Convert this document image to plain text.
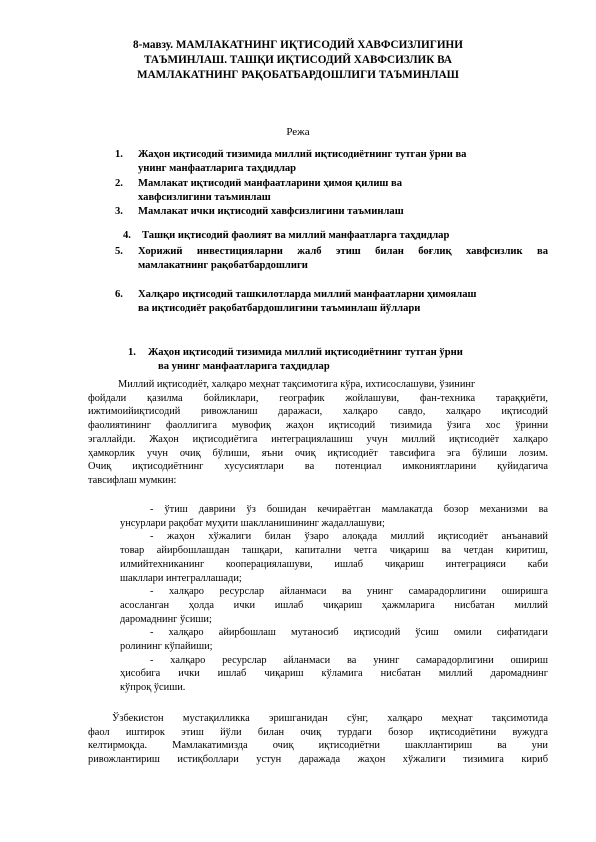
8-мавзу. МАМЛАКАТНИНГ ИҚТИСОДИЙ ХАВФСИЗЛИГИНИ
ТАЪМИНЛАШ. ТАШҚИ ИҚТИСОДИЙ ХАВФСИЗЛИК ВА
МАМЛАКАТНИНГ РАҚОБАТБАРДОШЛИГИ ТАЪМИНЛАШ
Режа
1.	Жаҳон иқтисодий тизимида миллий иқтисодиётнинг тутган ўрни ва
унинг манфаатларига таҳдидлар
2.	Мамлакат иқтисодий манфаатларини ҳимоя қилиш ва
хавфсизлигини таъминлаш
3.	Мамлакат ички иқтисодий хавфсизлигини таъминлаш
4.	Ташқи иқтисодий фаолият ва миллий манфаатларга таҳдидлар
5.	Хорижий инвестицияларни жалб этиш билан боғлиқ хавфсизлик ва
мамлакатнинг рақобатбардошлиги
6.	Халқаро иқтисодий ташкилотларда миллий манфаатларни ҳимоялаш
ва иқтисодиёт рақобатбардошлигини таъминлаш йўллари
1. Жаҳон иқтисодий тизимида миллий иқтисодиётнинг тутган ўрни
ва унинг манфаатларига таҳдидлар
Миллий иқтисодиёт, халқаро меҳнат тақсимотига кўра, ихтисослашуви, ўзининг
фойдали қазилма бойликлари, географик жойлашуви, фан-техника тараққиёти,
ижтимоийиқтисодий ривожланиш даражаси, халқаро савдо, халқаро иқтисодий
фаолиятининг фаоллигига мувофиқ жаҳон иқтисодий тизимида ўзига хос ўринни
эгаллайди. Жаҳон иқтисодиётига интеграциялашиш учун миллий иқтисодиёт халқаро
ҳамкорлик учун очиқ бўлиши, яъни очиқ иқтисодиёт тавсифига эга бўлиши лозим.
Очиқ иқтисодиётнинг хусусиятлари ва потенциал имкониятларини қуйидагича
тавсифлаш мумкин:
- ўтиш даврини ўз бошидан кечираётган мамлакатда бозор механизми ва
унсурлари рақобат муҳити шаклланишининг жадаллашуви;
- жаҳон хўжалиги билан ўзаро алоқада миллий иқтисодиёт анъанавий
товар айирбошлашдан ташқари, капитални четга чиқариш ва четдан киритиш,
илмийтехниканинг кооперациялашуви, ишлаб чиқариш интеграцияси каби
шакллари интеграллашади;
- халқаро ресурслар айланмаси ва унинг самарадорлигини оширишга
асосланган ҳолда ички ишлаб чиқариш ҳажмларига нисбатан миллий
даромаднинг ўсиши;
- халқаро айирбошлаш мутаносиб иқтисодий ўсиш омили сифатидаги
ролининг кўпайиши;
- халқаро ресурслар айланмаси ва унинг самарадорлигини ошириш
ҳисобига ички ишлаб чиқариш кўламига нисбатан миллий даромаднинг
кўпроқ ўсиши.
Ўзбекистон мустақилликка эришганидан сўнг, халқаро меҳнат тақсимотида
фаол иштирок этиш йўли билан очиқ турдаги бозор иқтисодиётини вужудга
келтирмоқда. Мамлакатимизда очиқ иқтисодиётни шакллантириш ва уни
ривожлантириш истиқболлари устун даражада жаҳон хўжалиги тизимига кириб
